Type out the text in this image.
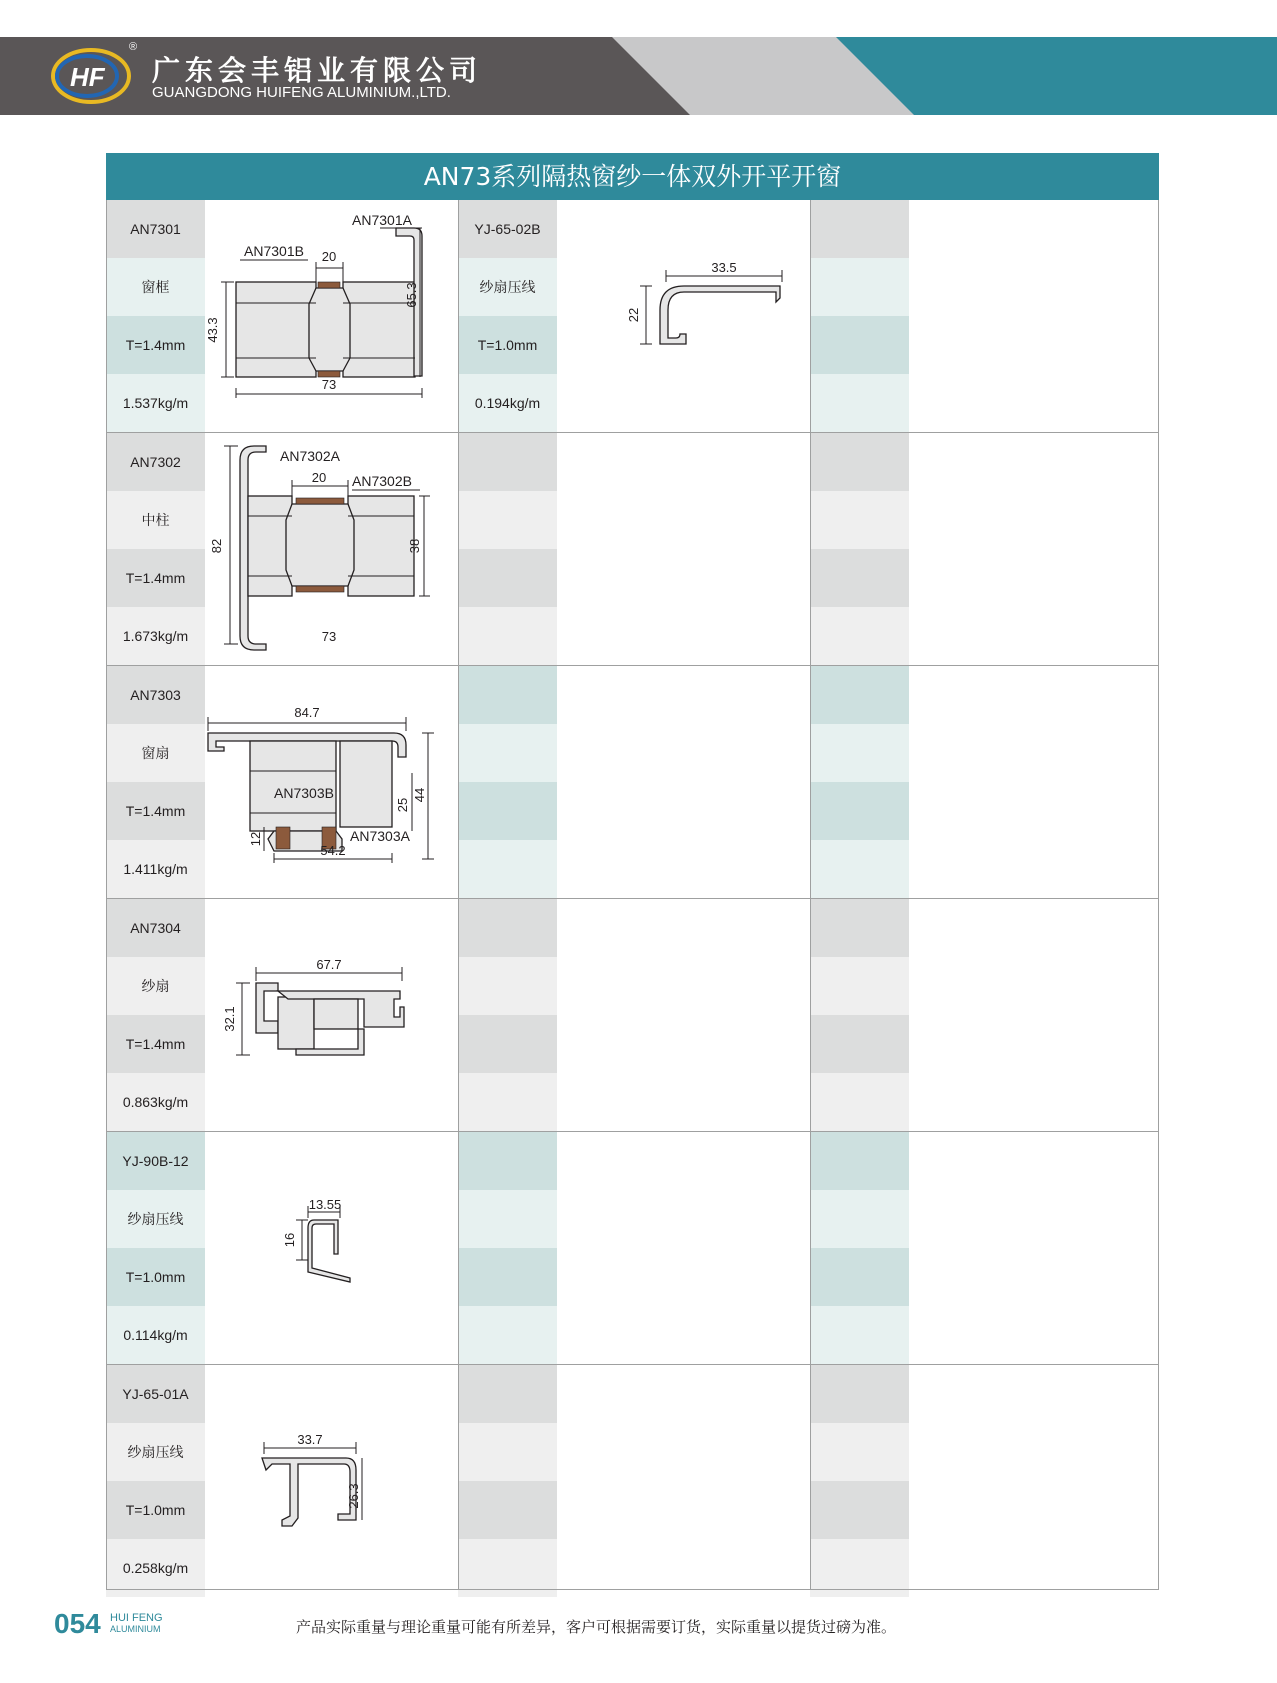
HF
®
广东会丰铝业有限公司
GUANGDONG HUIFENG ALUMINIUM.,LTD.
AN73系列隔热窗纱一体双外开平开窗
AN7301
窗框
T=1.4mm
1.537kg/m
AN7302
中柱
T=1.4mm
1.673kg/m
AN7303
窗扇
T=1.4mm
1.411kg/m
AN7304
纱扇
T=1.4mm
0.863kg/m
YJ-90B-12
纱扇压线
T=1.0mm
0.114kg/m
YJ-65-01A
纱扇压线
T=1.0mm
0.258kg/m
YJ-65-02B
纱扇压线
T=1.0mm
0.194kg/m
AN7301A
AN7301B 20
43.3
65.3
73
AN7302A
AN7302B
20
82	38
73
84.7
AN7303B
AN7303A
25
44
12
54.2
67.7
32.1
13.55
16
33.7
26.3
33.5
22
054 HUI FENG
ALUMINIUM	产品实际重量与理论重量可能有所差异，客户可根据需要订货，实际重量以提货过磅为准。
